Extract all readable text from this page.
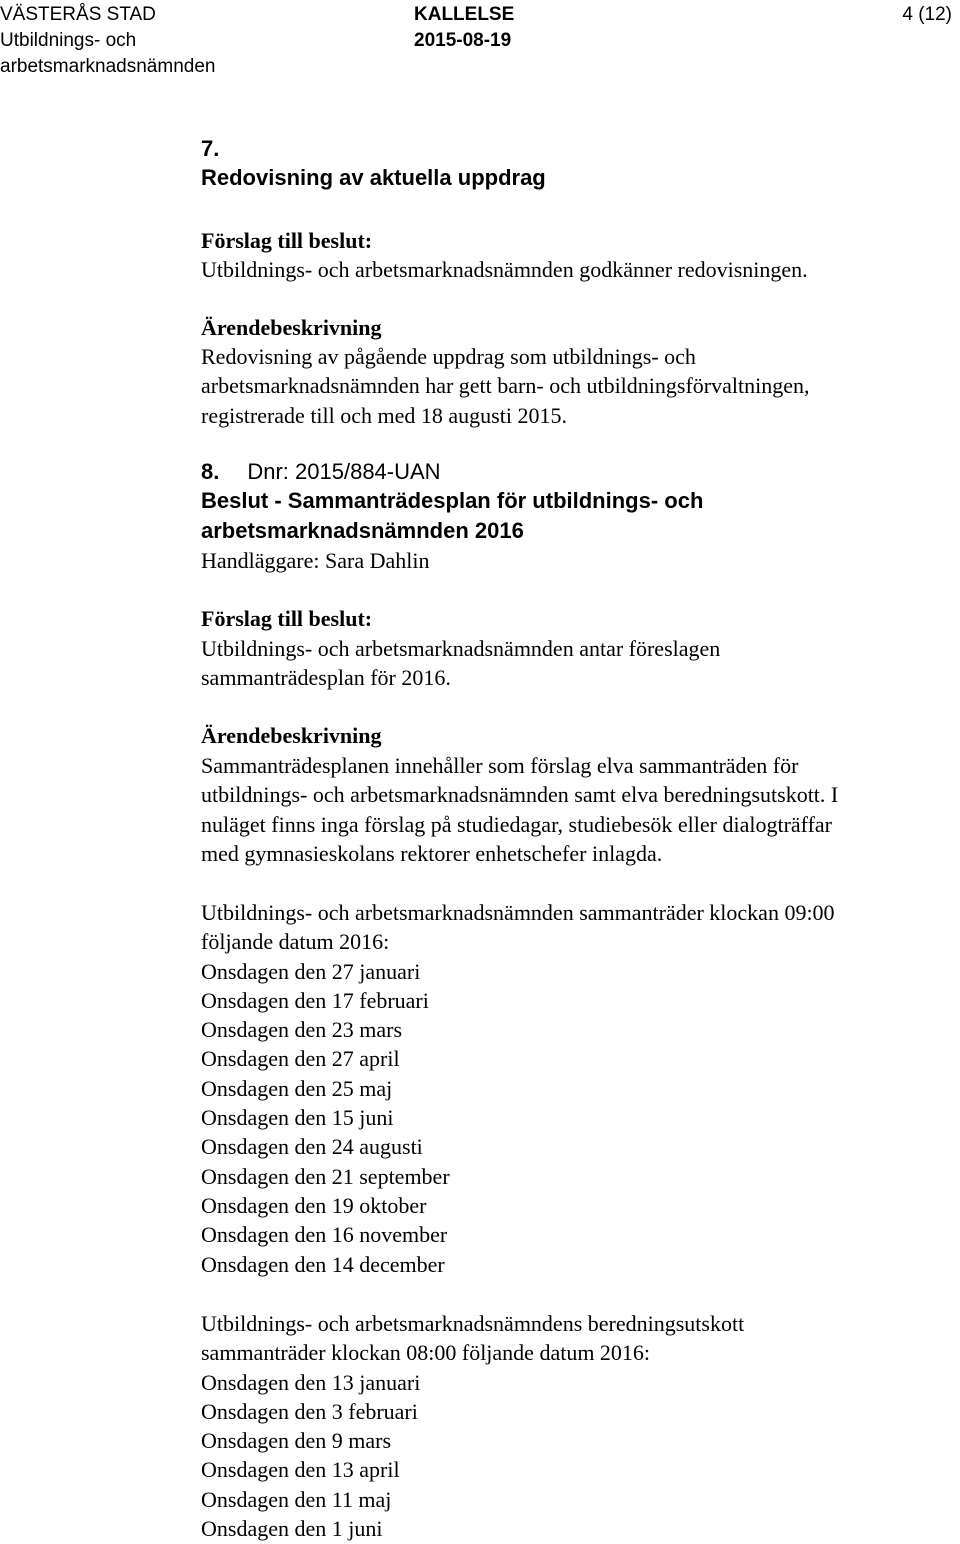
VÄSTERÅS STAD
Utbildnings- och
arbetsmarknadsnämnden
KALLELSE
2015-08-19
4 (12)
7.
Redovisning av aktuella uppdrag
Förslag till beslut:
Utbildnings- och arbetsmarknadsnämnden godkänner redovisningen.
Ärendebeskrivning
Redovisning av pågående uppdrag som utbildnings- och
arbetsmarknadsnämnden har gett barn- och utbildningsförvaltningen,
registrerade till och med 18 augusti 2015.
8. Dnr: 2015/884-UAN
Beslut - Sammanträdesplan för utbildnings- och
arbetsmarknadsnämnden 2016
Handläggare: Sara Dahlin
Förslag till beslut:
Utbildnings- och arbetsmarknadsnämnden antar föreslagen
sammanträdesplan för 2016.
Ärendebeskrivning
Sammanträdesplanen innehåller som förslag elva sammanträden för
utbildnings- och arbetsmarknadsnämnden samt elva beredningsutskott. I
nuläget finns inga förslag på studiedagar, studiebesök eller dialogträffar
med gymnasieskolans rektorer enhetschefer inlagda.
Utbildnings- och arbetsmarknadsnämnden sammanträder klockan 09:00
följande datum 2016:
Onsdagen den 27 januari
Onsdagen den 17 februari
Onsdagen den 23 mars
Onsdagen den 27 april
Onsdagen den 25 maj
Onsdagen den 15 juni
Onsdagen den 24 augusti
Onsdagen den 21 september
Onsdagen den 19 oktober
Onsdagen den 16 november
Onsdagen den 14 december
Utbildnings- och arbetsmarknadsnämndens beredningsutskott
sammanträder klockan 08:00 följande datum 2016:
Onsdagen den 13 januari
Onsdagen den 3 februari
Onsdagen den 9 mars
Onsdagen den 13 april
Onsdagen den 11 maj
Onsdagen den 1 juni
